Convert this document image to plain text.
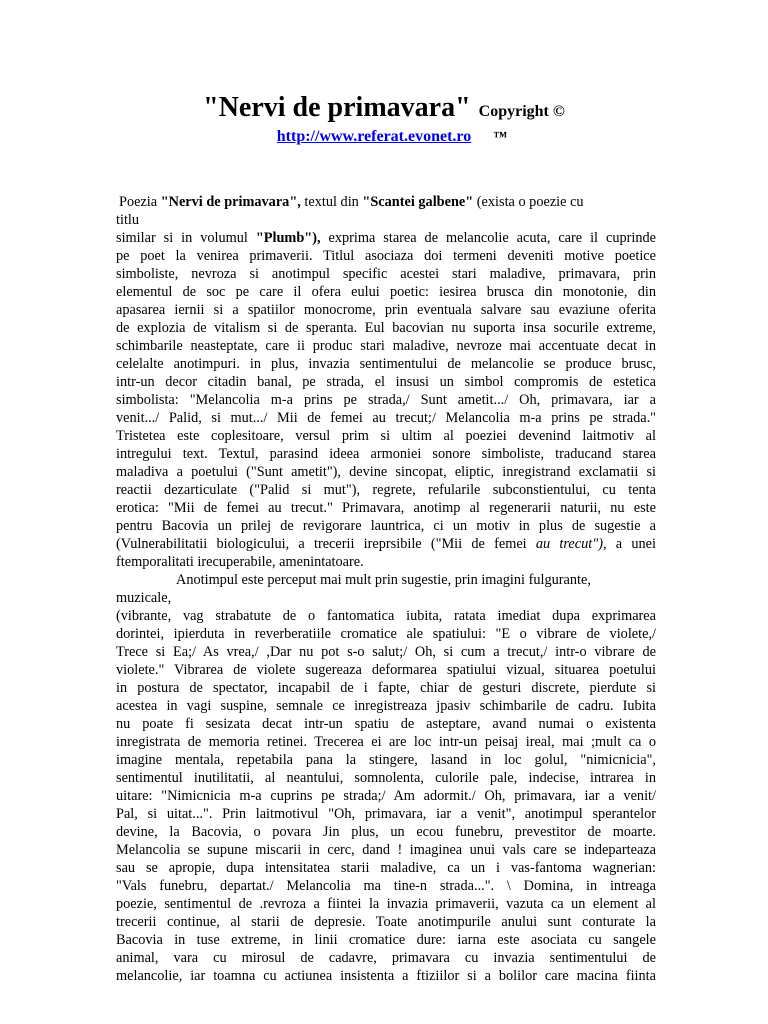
"Nervi de primavara" Copyright ©
http://www.referat.evonet.ro ™
Poezia "Nervi de primavara", textul din "Scantei galbene" (exista o poezie cu
titlu
similar si in volumul "Plumb"), exprima starea de melancolie acuta, care il cuprinde
pe poet la venirea primaverii. Titlul asociaza doi termeni deveniti motive poetice
simboliste, nevroza si anotimpul specific acestei stari maladive, primavara, prin
elementul de soc pe care il ofera eului poetic: iesirea brusca din monotonie, din
apasarea iernii si a spatiilor monocrome, prin eventuala salvare sau evaziune oferita
de explozia de vitalism si de speranta. Eul bacovian nu suporta insa socurile extreme,
schimbarile neasteptate, care ii produc stari maladive, nevroze mai accentuate decat in
celelalte anotimpuri. in plus, invazia sentimentului de melancolie se produce brusc,
intr-un decor citadin banal, pe strada, el insusi un simbol compromis de estetica
simbolista: "Melancolia m-a prins pe strada,/ Sunt ametit.../ Oh, primavara, iar a
venit.../ Palid, si mut.../ Mii de femei au trecut;/ Melancolia m-a prins pe strada."
Tristetea este coplesitoare, versul prim si ultim al poeziei devenind laitmotiv al
intregului text. Textul, parasind ideea armoniei sonore simboliste, traducand starea
maladiva a poetului ("Sunt ametit"), devine sincopat, eliptic, inregistrand exclamatii si
reactii dezarticulate ("Palid si mut"), regrete, refularile subconstientului, cu tenta
erotica: "Mii de femei au trecut." Primavara, anotimp al regenerarii naturii, nu este
pentru Bacovia un prilej de revigorare launtrica, ci un motiv in plus de sugestie a
(Vulnerabilitatii biologicului, a trecerii ireprsibile ("Mii de femei au trecut"), a unei
ftemporalitati irecuperabile, amenintatoare.
Anotimpul este perceput mai mult prin sugestie, prin imagini fulgurante,
muzicale,
(vibrante, vag strabatute de o fantomatica iubita, ratata imediat dupa exprimarea
dorintei, ipierduta in reverberatiile cromatice ale spatiului: "E o vibrare de violete,/
Trece si Ea;/ As vrea,/ ,Dar nu pot s-o salut;/ Oh, si cum a trecut,/ intr-o vibrare de
violete." Vibrarea de violete sugereaza deformarea spatiului vizual, situarea poetului
in postura de spectator, incapabil de i fapte, chiar de gesturi discrete, pierdute si
acestea in vagi suspine, semnale ce inregistreaza jpasiv schimbarile de cadru. Iubita
nu poate fi sesizata decat intr-un spatiu de asteptare, avand numai o existenta
inregistrata de memoria retinei. Trecerea ei are loc intr-un peisaj ireal, mai ;mult ca o
imagine mentala, repetabila pana la stingere, lasand in loc golul, "nimicnicia",
sentimentul inutilitatii, al neantului, somnolenta, culorile pale, indecise, intrarea in
uitare: "Nimicnicia m-a cuprins pe strada;/ Am adormit./ Oh, primavara, iar a venit/
Pal, si uitat...". Prin laitmotivul "Oh, primavara, iar a venit", anotimpul sperantelor
devine, la Bacovia, o povara Jin plus, un ecou funebru, prevestitor de moarte.
Melancolia se supune miscarii in cerc, dand ! imaginea unui vals care se indeparteaza
sau se apropie, dupa intensitatea starii maladive, ca un i vas-fantoma wagnerian:
"Vals funebru, departat./ Melancolia ma tine-n strada...". \ Domina, in intreaga
poezie, sentimentul de .revroza a fiintei la invazia primaverii, vazuta ca un element al
trecerii continue, al starii de depresie. Toate anotimpurile anului sunt conturate la
Bacovia in tuse extreme, in linii cromatice dure: iarna este asociata cu sangele
animal, vara cu mirosul de cadavre, primavara cu invazia sentimentului de
melancolie, iar toamna cu actiunea insistenta a ftiziilor si a bolilor care macina fiinta
